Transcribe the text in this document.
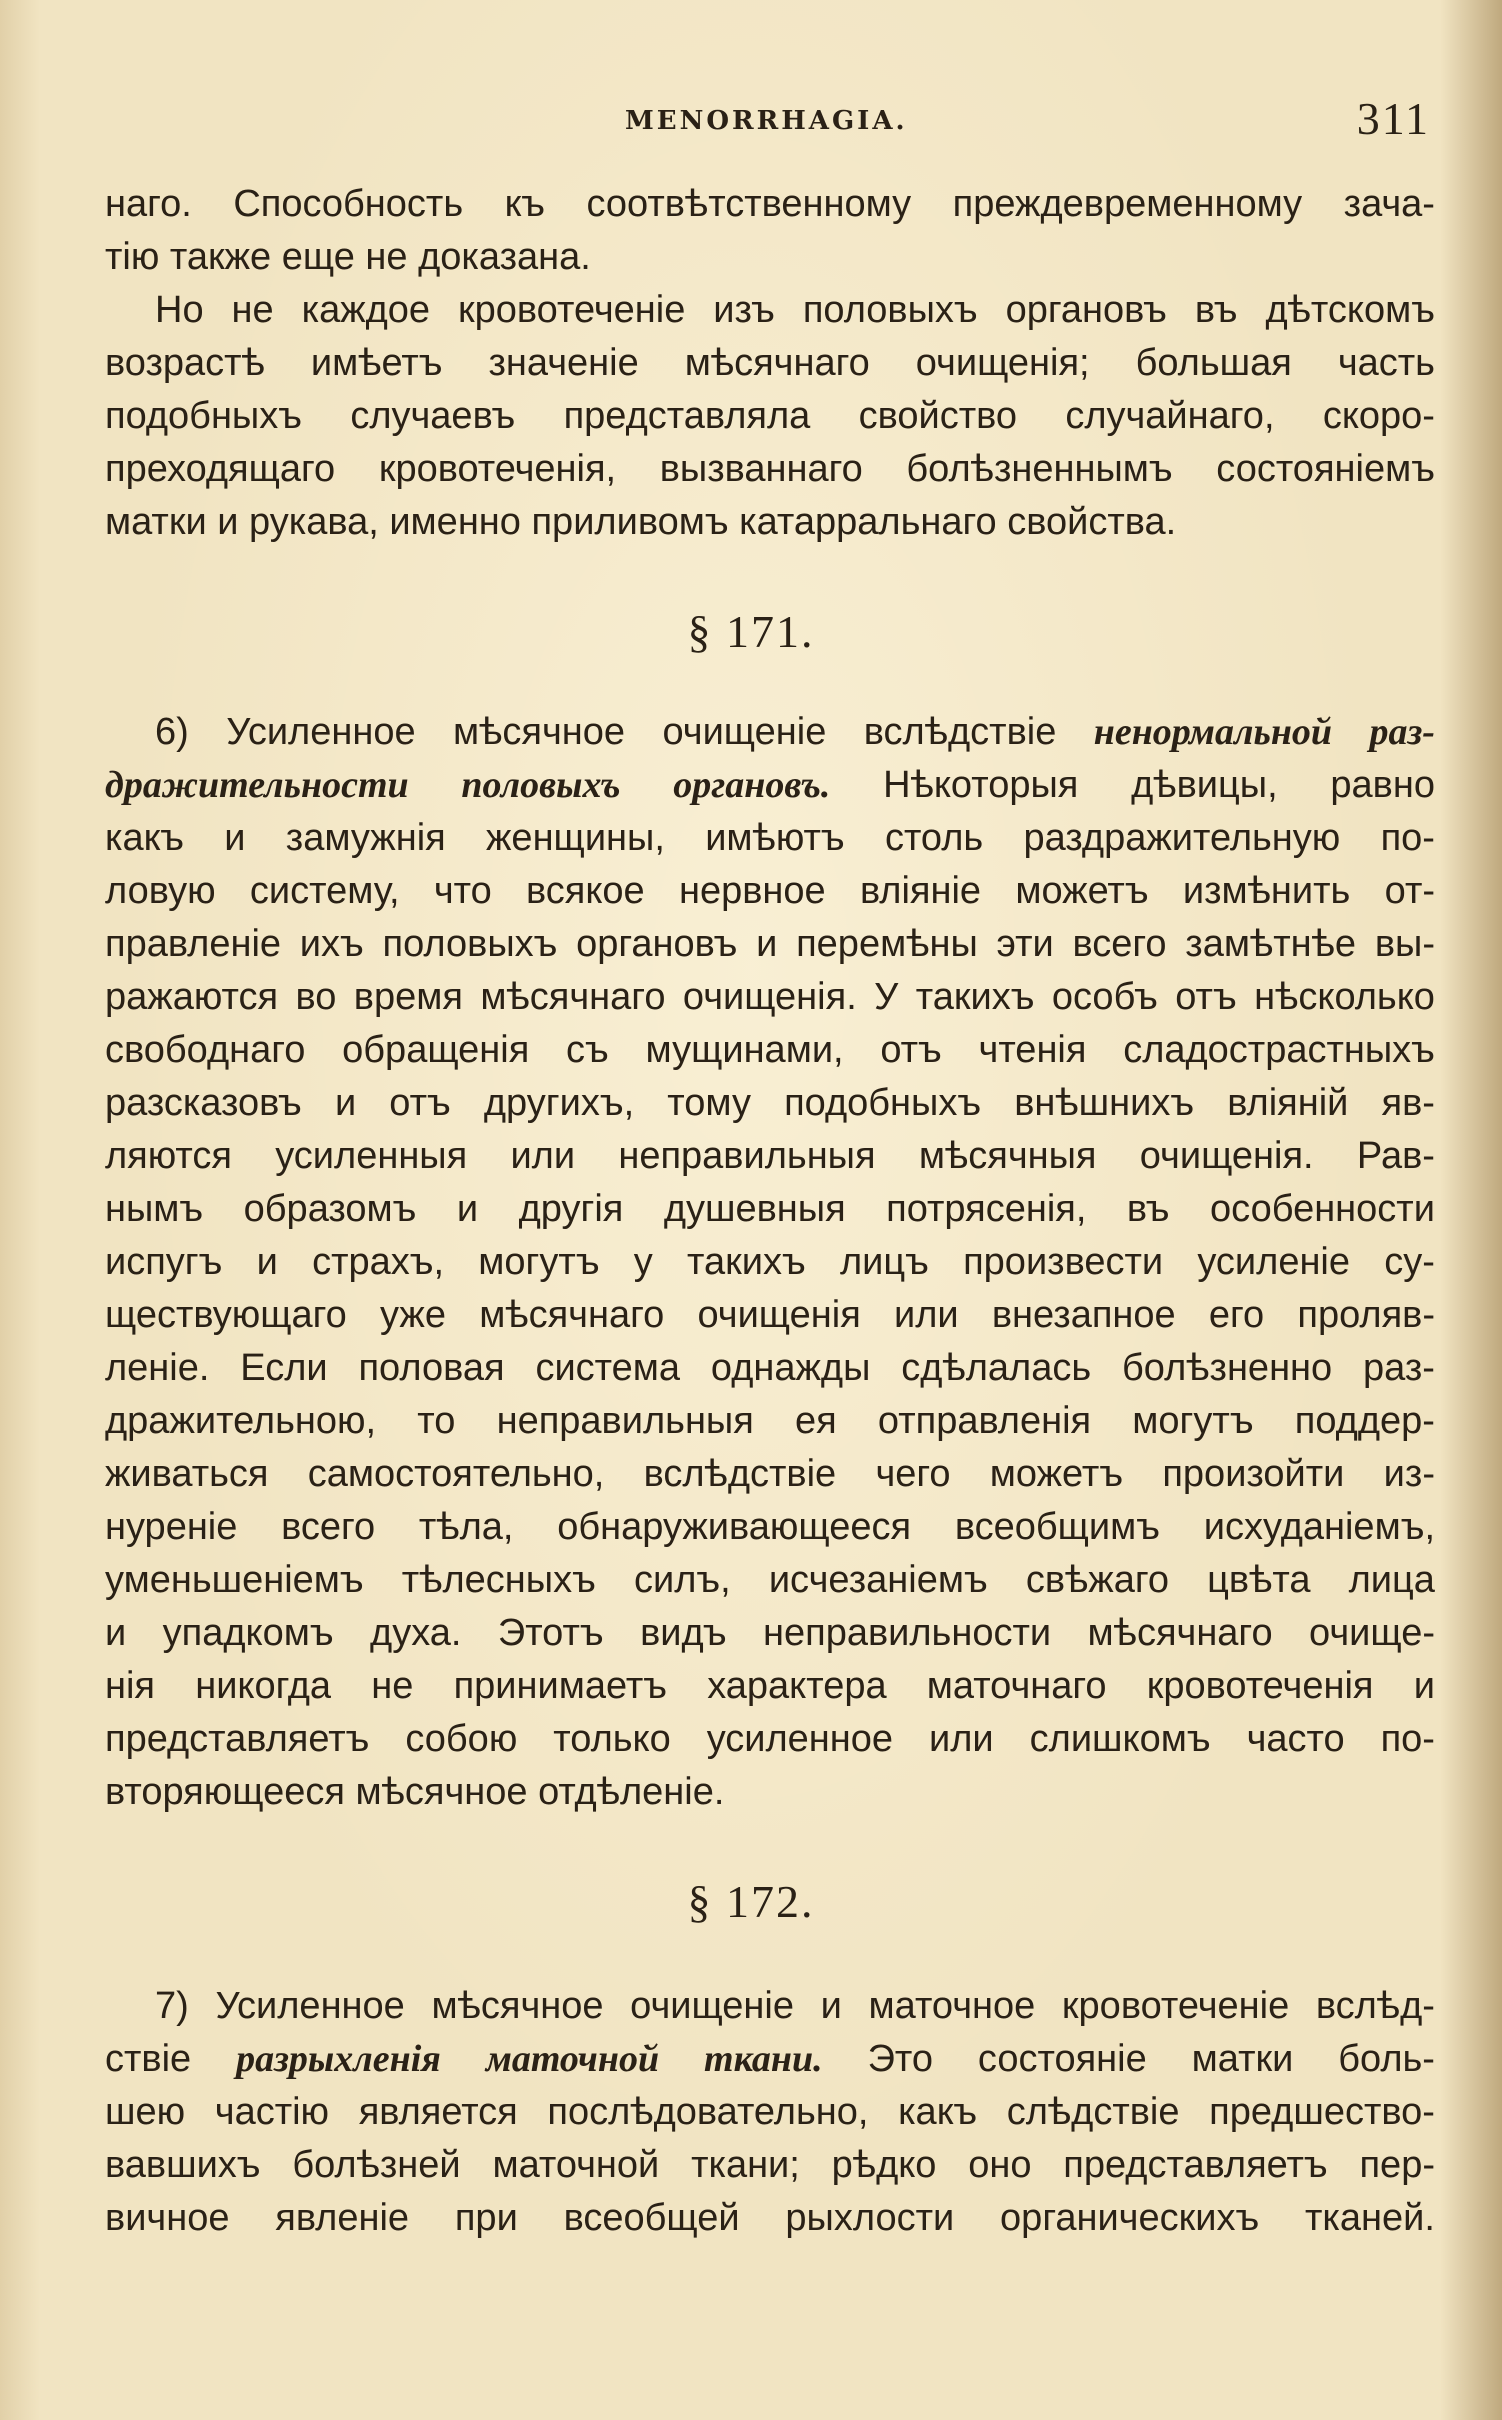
MENORRHAGIA.	311
наго. Способность къ соотвѣтственному преждевременному зача-
тію также еще не доказана.
Но не каждое кровотеченіе изъ половыхъ органовъ въ дѣтскомъ
возрастѣ имѣетъ значеніе мѣсячнаго очищенія; большая часть
подобныхъ случаевъ представляла свойство случайнаго, скоро-
преходящаго кровотеченія, вызваннаго болѣзненнымъ состояніемъ
матки и рукава, именно приливомъ катарральнаго свойства.
§ 171.
6) Усиленное мѣсячное очищеніе вслѣдствіе ненормальной раз-
дражительности половыхъ органовъ. Нѣкоторыя дѣвицы, равно
какъ и замужнія женщины, имѣютъ столь раздражительную по-
ловую систему, что всякое нервное вліяніе можетъ измѣнить от-
правленіе ихъ половыхъ органовъ и перемѣны эти всего замѣтнѣе вы-
ражаются во время мѣсячнаго очищенія. У такихъ особъ отъ нѣсколько
свободнаго обращенія съ мущинами, отъ чтенія сладострастныхъ
разсказовъ и отъ другихъ, тому подобныхъ внѣшнихъ вліяній яв-
ляются усиленныя или неправильныя мѣсячныя очищенія. Рав-
нымъ образомъ и другія душевныя потрясенія, въ особенности
испугъ и страхъ, могутъ у такихъ лицъ произвести усиленіе су-
ществующаго уже мѣсячнаго очищенія или внезапное его проляв-
леніе. Если половая система однажды сдѣлалась болѣзненно раз-
дражительною, то неправильныя ея отправленія могутъ поддер-
живаться самостоятельно, вслѣдствіе чего можетъ произойти из-
нуреніе всего тѣла, обнаруживающееся всеобщимъ исхуданіемъ,
уменьшеніемъ тѣлесныхъ силъ, исчезаніемъ свѣжаго цвѣта лица
и упадкомъ духа. Этотъ видъ неправильности мѣсячнаго очище-
нія никогда не принимаетъ характера маточнаго кровотеченія и
представляетъ собою только усиленное или слишкомъ часто по-
вторяющееся мѣсячное отдѣленіе.
§ 172.
7) Усиленное мѣсячное очищеніе и маточное кровотеченіе вслѣд-
ствіе разрыхленія маточной ткани. Это состояніе матки боль-
шею частію является послѣдовательно, какъ слѣдствіе предшество-
вавшихъ болѣзней маточной ткани; рѣдко оно представляетъ пер-
вичное явленіе при всеобщей рыхлости органическихъ тканей.
